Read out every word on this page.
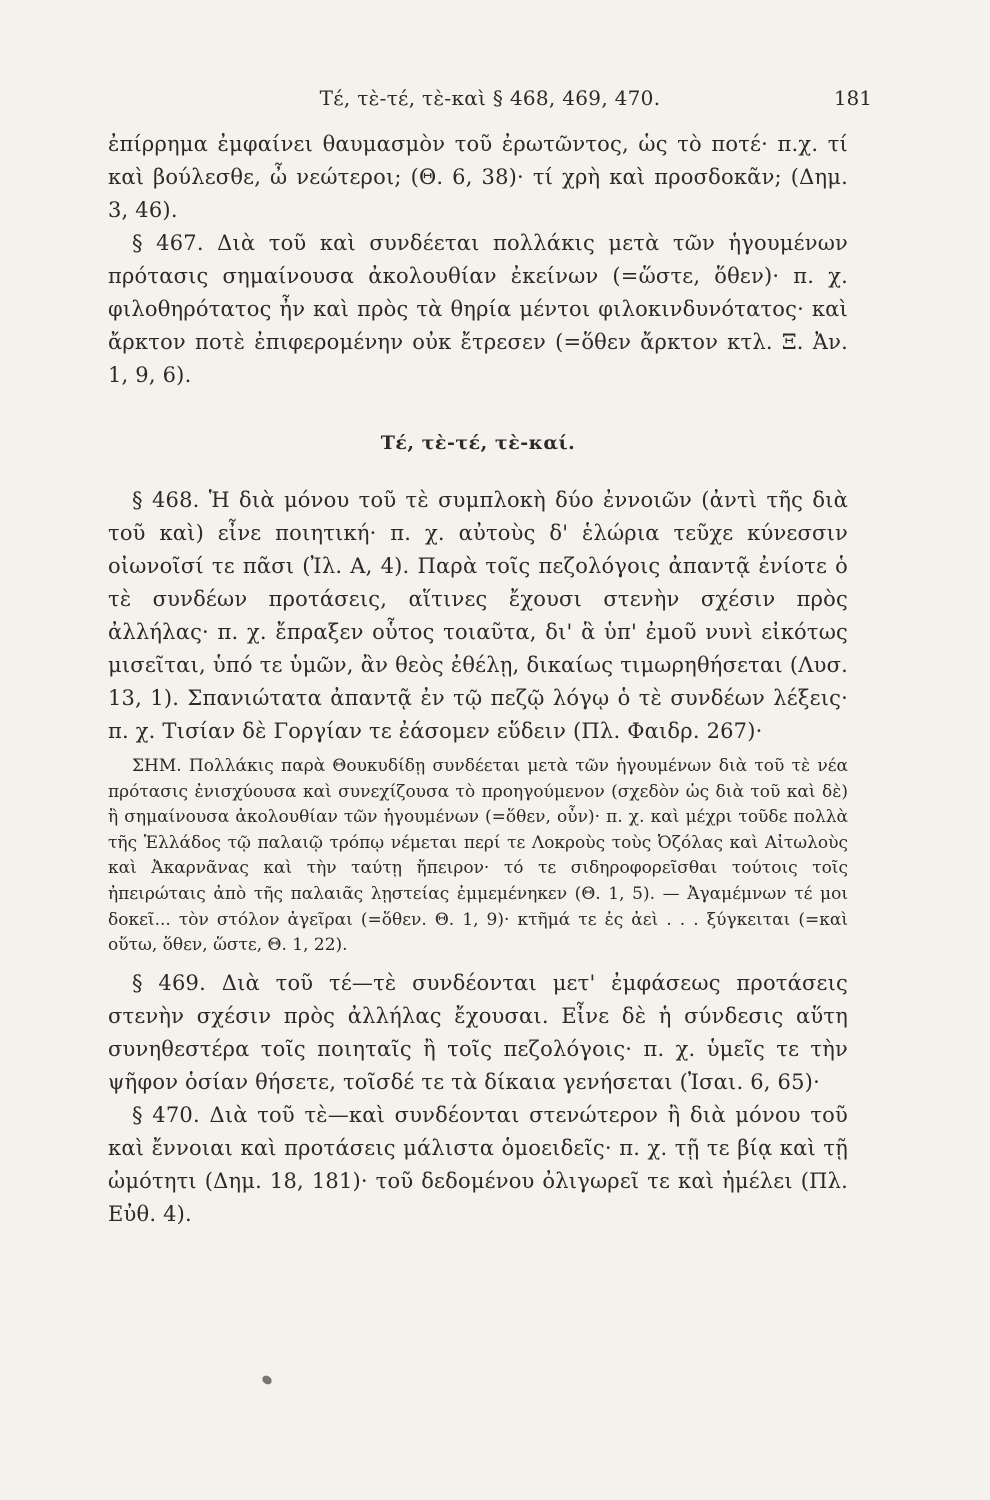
Τέ, τὲ-τέ, τὲ-καὶ § 468, 469, 470.	181

ἐπίρρημα ἐμφαίνει θαυμασμὸν τοῦ ἐρωτῶντος, ὡς τὸ ποτέ· π.χ. τί καὶ βούλεσθε, ὦ νεώτεροι; (Θ. 6, 38)· τί χρὴ καὶ προσδοκᾶν; (Δημ. 3, 46).

§ 467. Διὰ τοῦ καὶ συνδέεται πολλάκις μετὰ τῶν ἡγουμένων πρότασις σημαίνουσα ἀκολουθίαν ἐκείνων (=ὥστε, ὅθεν)· π. χ. φιλοθηρότατος ἦν καὶ πρὸς τὰ θηρία μέντοι φιλοκινδυνότατος· καὶ ἄρκτον ποτὲ ἐπιφερομένην οὐκ ἔτρεσεν (=ὅθεν ἄρκτον κτλ. Ξ. Ἀν. 1, 9, 6).

Τέ, τὲ-τέ, τὲ-καί.

§ 468. Ἡ διὰ μόνου τοῦ τὲ συμπλοκὴ δύο ἐννοιῶν (ἀντὶ τῆς διὰ τοῦ καὶ) εἶνε ποιητική· π. χ. αὐτοὺς δ' ἑλώρια τεῦχε κύνεσσιν οἰωνοῖσί τε πᾶσι (Ἰλ. Α, 4). Παρὰ τοῖς πεζολόγοις ἀπαντᾷ ἐνίοτε ὁ τὲ συνδέων προτάσεις, αἵτινες ἔχουσι στενὴν σχέσιν πρὸς ἀλλήλας· π. χ. ἔπραξεν οὗτος τοιαῦτα, δι' ἃ ὑπ' ἐμοῦ νυνὶ εἰκότως μισεῖται, ὑπό τε ὑμῶν, ἂν θεὸς ἐθέλῃ, δικαίως τιμωρηθήσεται (Λυσ. 13, 1). Σπανιώτατα ἀπαντᾷ ἐν τῷ πεζῷ λόγῳ ὁ τὲ συνδέων λέξεις· π. χ. Τισίαν δὲ Γοργίαν τε ἐάσομεν εὕδειν (Πλ. Φαιδρ. 267)·

ΣΗΜ. Πολλάκις παρὰ Θουκυδίδῃ συνδέεται μετὰ τῶν ἡγουμένων διὰ τοῦ τὲ νέα πρότασις ἐνισχύουσα καὶ συνεχίζουσα τὸ προηγούμενον (σχεδὸν ὡς διὰ τοῦ καὶ δὲ) ἢ σημαίνουσα ἀκολουθίαν τῶν ἡγουμένων (=ὅθεν, οὖν)· π. χ. καὶ μέχρι τοῦδε πολλὰ τῆς Ἑλλάδος τῷ παλαιῷ τρόπῳ νέμεται περί τε Λοκροὺς τοὺς Ὀζόλας καὶ Αἰτωλοὺς καὶ Ἀκαρνᾶνας καὶ τὴν ταύτῃ ἤπειρον· τό τε σιδηροφορεῖσθαι τούτοις τοῖς ἠπειρώταις ἀπὸ τῆς παλαιᾶς λῃστείας ἐμμεμένηκεν (Θ. 1, 5). — Ἀγαμέμνων τέ μοι δοκεῖ... τὸν στόλον ἀγεῖραι (=ὅθεν. Θ. 1, 9)· κτῆμά τε ἐς ἀεὶ . . . ξύγκειται (=καὶ οὕτω, ὅθεν, ὥστε, Θ. 1, 22).

§ 469. Διὰ τοῦ τέ—τὲ συνδέονται μετ' ἐμφάσεως προτάσεις στενὴν σχέσιν πρὸς ἀλλήλας ἔχουσαι. Εἶνε δὲ ἡ σύνδεσις αὕτη συνηθεστέρα τοῖς ποιηταῖς ἢ τοῖς πεζολόγοις· π. χ. ὑμεῖς τε τὴν ψῆφον ὁσίαν θήσετε, τοῖσδέ τε τὰ δίκαια γενήσεται (Ἰσαι. 6, 65)·

§ 470. Διὰ τοῦ τὲ—καὶ συνδέονται στενώτερον ἢ διὰ μόνου τοῦ καὶ ἔννοιαι καὶ προτάσεις μάλιστα ὁμοειδεῖς· π. χ. τῇ τε βίᾳ καὶ τῇ ὠμότητι (Δημ. 18, 181)· τοῦ δεδομένου ὀλιγωρεῖ τε καὶ ἠμέλει (Πλ. Εὐθ. 4).
